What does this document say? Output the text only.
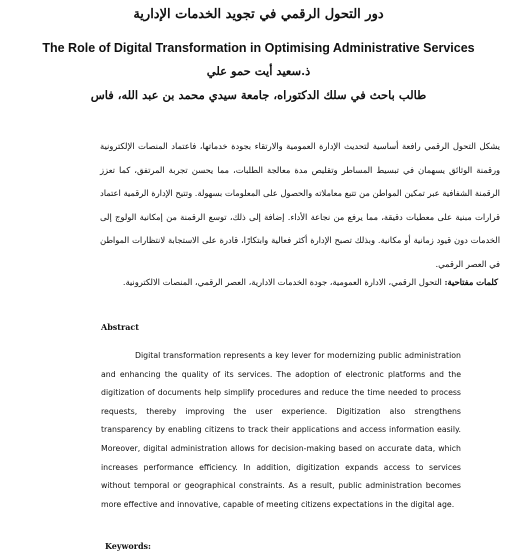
دور التحول الرقمي في تجويد الخدمات الإدارية
The Role of Digital Transformation in Optimising Administrative Services
ذ.سعيد أيت حمو علي
طالب باحث في سلك الدكتوراه، جامعة سيدي محمد بن عبد الله، فاس
يشكل التحول الرقمي رافعة أساسية لتحديث الإدارة العمومية والارتقاء بجودة خدماتها، فاعتماد المنصات الإلكترونية ورقمنة الوثائق يسهمان في تبسيط المساطر وتقليص مدة معالجة الطلبات، مما يحسن تجربة المرتفق، كما تعزز الرقمنة الشفافية عبر تمكين المواطن من تتبع معاملاته والحصول على المعلومات بسهولة. وتتيح الإدارة الرقمية اعتماد قرارات مبنية على معطيات دقيقة، مما يرفع من نجاعة الأداء. إضافة إلى ذلك، توسع الرقمنة من إمكانية الولوج إلى الخدمات دون قيود زمانية أو مكانية. وبذلك تصبح الإدارة أكثر فعالية وابتكارًا، قادرة على الاستجابة لانتظارات المواطن في العصر الرقمي.
كلمات مفتاحية: التحول الرقمي، الادارة العمومية، جودة الخدمات الادارية، العصر الرقمي، المنصات الالكترونية.
Abstract
Digital transformation represents a key lever for modernizing public administration and enhancing the quality of its services. The adoption of electronic platforms and the digitization of documents help simplify procedures and reduce the time needed to process requests, thereby improving the user experience. Digitization also strengthens transparency by enabling citizens to track their applications and access information easily. Moreover, digital administration allows for decision-making based on accurate data, which increases performance efficiency. In addition, digitization expands access to services without temporal or geographical constraints. As a result, public administration becomes more effective and innovative, capable of meeting citizens expectations in the digital age.
Keywords:
